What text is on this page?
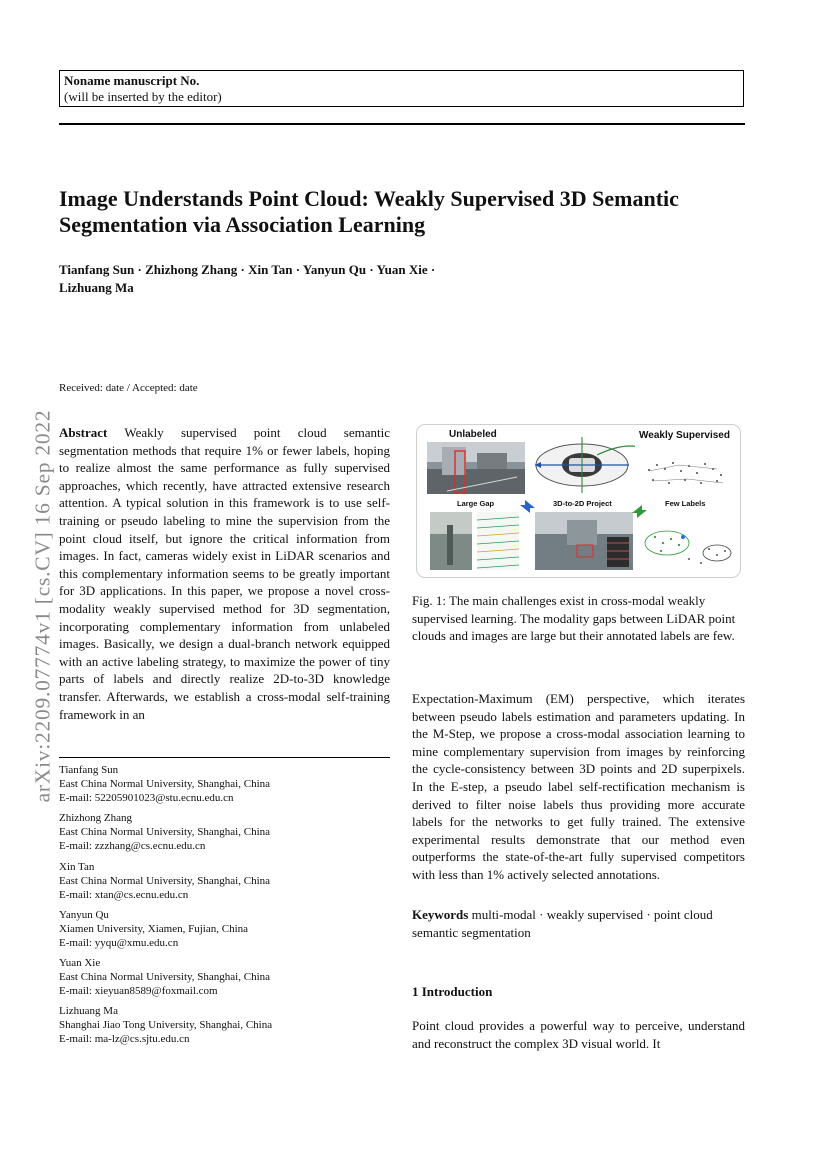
Noname manuscript No.
(will be inserted by the editor)
Image Understands Point Cloud: Weakly Supervised 3D Semantic Segmentation via Association Learning
Tianfang Sun · Zhizhong Zhang · Xin Tan · Yanyun Qu · Yuan Xie ·
Lizhuang Ma
arXiv:2209.07774v1 [cs.CV] 16 Sep 2022
Received: date / Accepted: date
Abstract Weakly supervised point cloud semantic segmentation methods that require 1% or fewer labels, hoping to realize almost the same performance as fully supervised approaches, which recently, have attracted extensive research attention. A typical solution in this framework is to use self-training or pseudo labeling to mine the supervision from the point cloud itself, but ignore the critical information from images. In fact, cameras widely exist in LiDAR scenarios and this complementary information seems to be greatly important for 3D applications. In this paper, we propose a novel cross-modality weakly supervised method for 3D segmentation, incorporating complementary information from unlabeled images. Basically, we design a dual-branch network equipped with an active labeling strategy, to maximize the power of tiny parts of labels and directly realize 2D-to-3D knowledge transfer. Afterwards, we establish a cross-modal self-training framework in an
Tianfang Sun
East China Normal University, Shanghai, China
E-mail: 52205901023@stu.ecnu.edu.cn
Zhizhong Zhang
East China Normal University, Shanghai, China
E-mail: zzzhang@cs.ecnu.edu.cn
Xin Tan
East China Normal University, Shanghai, China
E-mail: xtan@cs.ecnu.edu.cn
Yanyun Qu
Xiamen University, Xiamen, Fujian, China
E-mail: yyqu@xmu.edu.cn
Yuan Xie
East China Normal University, Shanghai, China
E-mail: xieyuan8589@foxmail.com
Lizhuang Ma
Shanghai Jiao Tong University, Shanghai, China
E-mail: ma-lz@cs.sjtu.edu.cn
Unlabeled	Weakly Supervised
Large Gap	3D-to-2D Project	Few Labels
Fig. 1: The main challenges exist in cross-modal weakly supervised learning. The modality gaps between LiDAR point clouds and images are large but their annotated labels are few.
Expectation-Maximum (EM) perspective, which iterates between pseudo labels estimation and parameters updating. In the M-Step, we propose a cross-modal association learning to mine complementary supervision from images by reinforcing the cycle-consistency between 3D points and 2D superpixels. In the E-step, a pseudo label self-rectification mechanism is derived to filter noise labels thus providing more accurate labels for the networks to get fully trained. The extensive experimental results demonstrate that our method even outperforms the state-of-the-art fully supervised competitors with less than 1% actively selected annotations.
Keywords multi-modal · weakly supervised · point cloud semantic segmentation
1 Introduction
Point cloud provides a powerful way to perceive, understand and reconstruct the complex 3D visual world. It
